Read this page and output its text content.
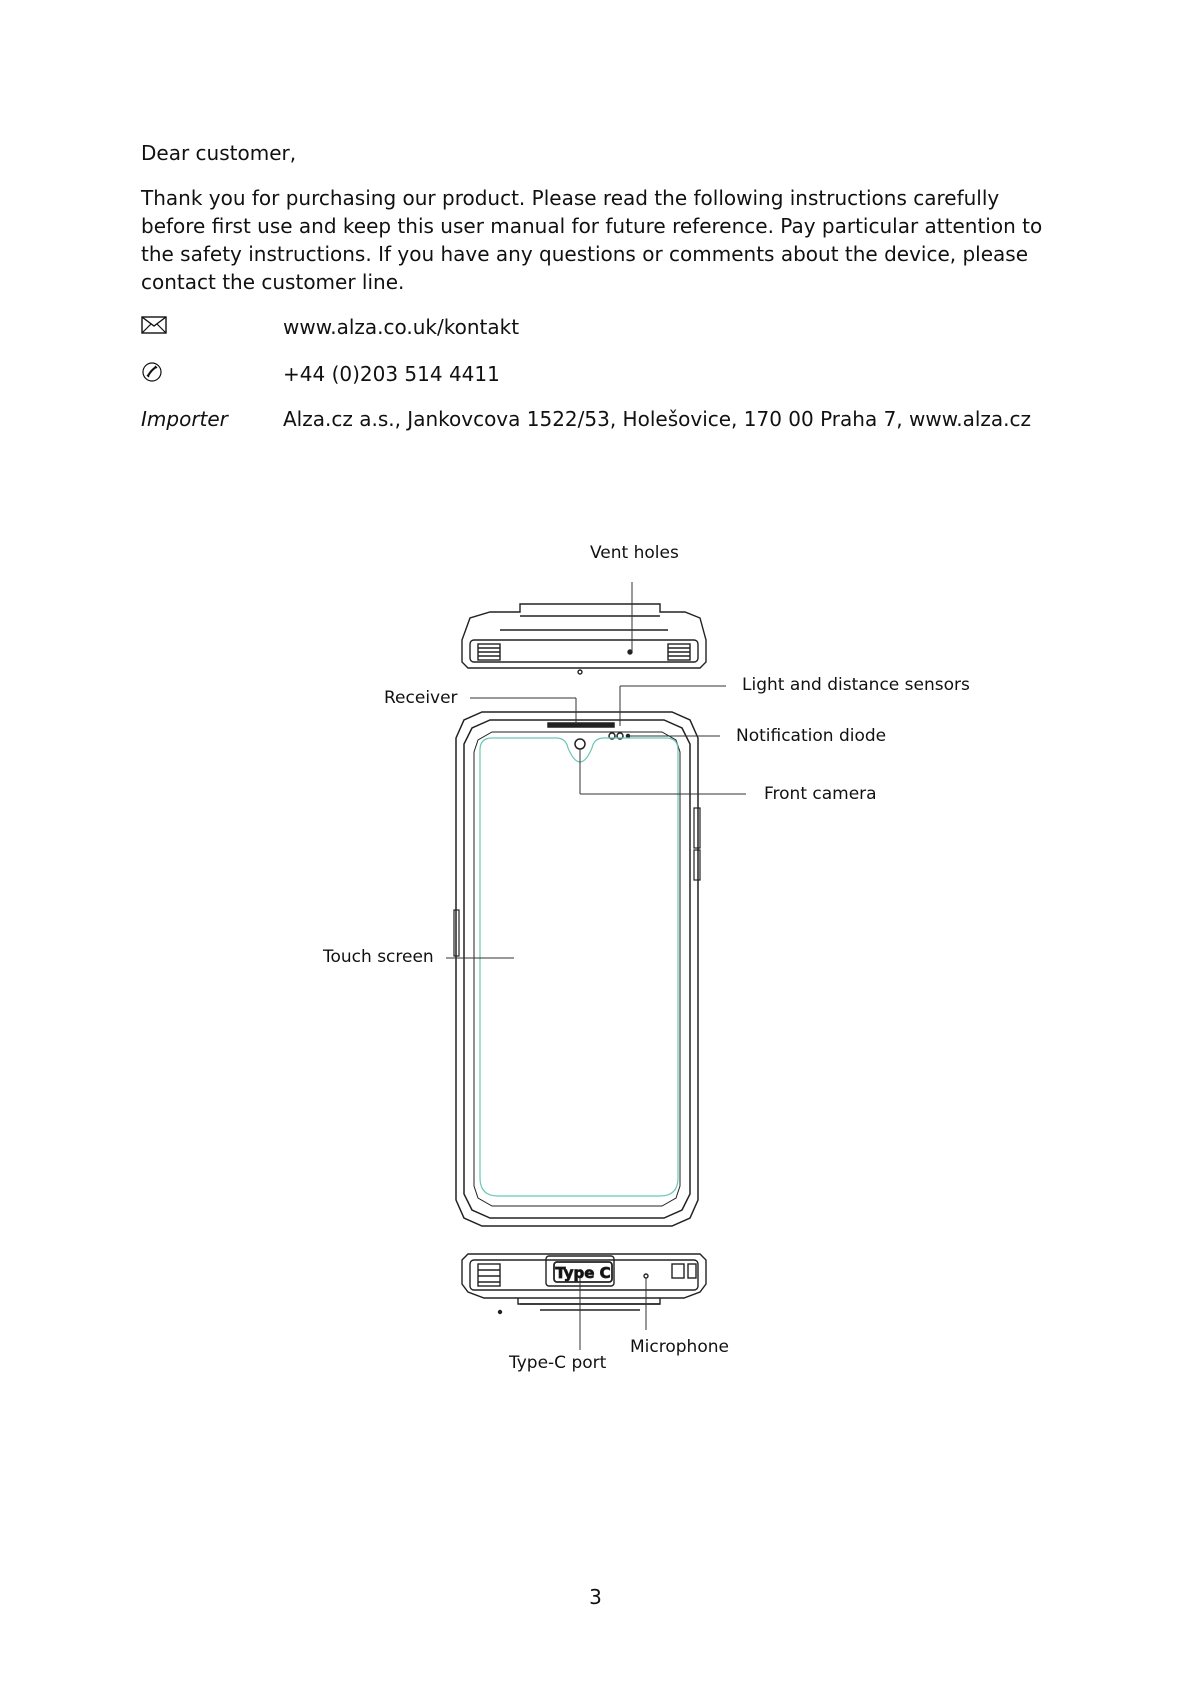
Dear customer,
Thank you for purchasing our product. Please read the following instructions carefully before first use and keep this user manual for future reference. Pay particular attention to the safety instructions. If you have any questions or comments about the device, please contact the customer line.
www.alza.co.uk/kontakt
+44 (0)203 514 4411
Importer	Alza.cz a.s., Jankovcova 1522/53, Holešovice, 170 00 Praha 7, www.alza.cz
Type C
Vent holes
Light and distance sensors
Receiver
Notification diode
Front camera
Touch screen
Microphone
Type-C port
3
